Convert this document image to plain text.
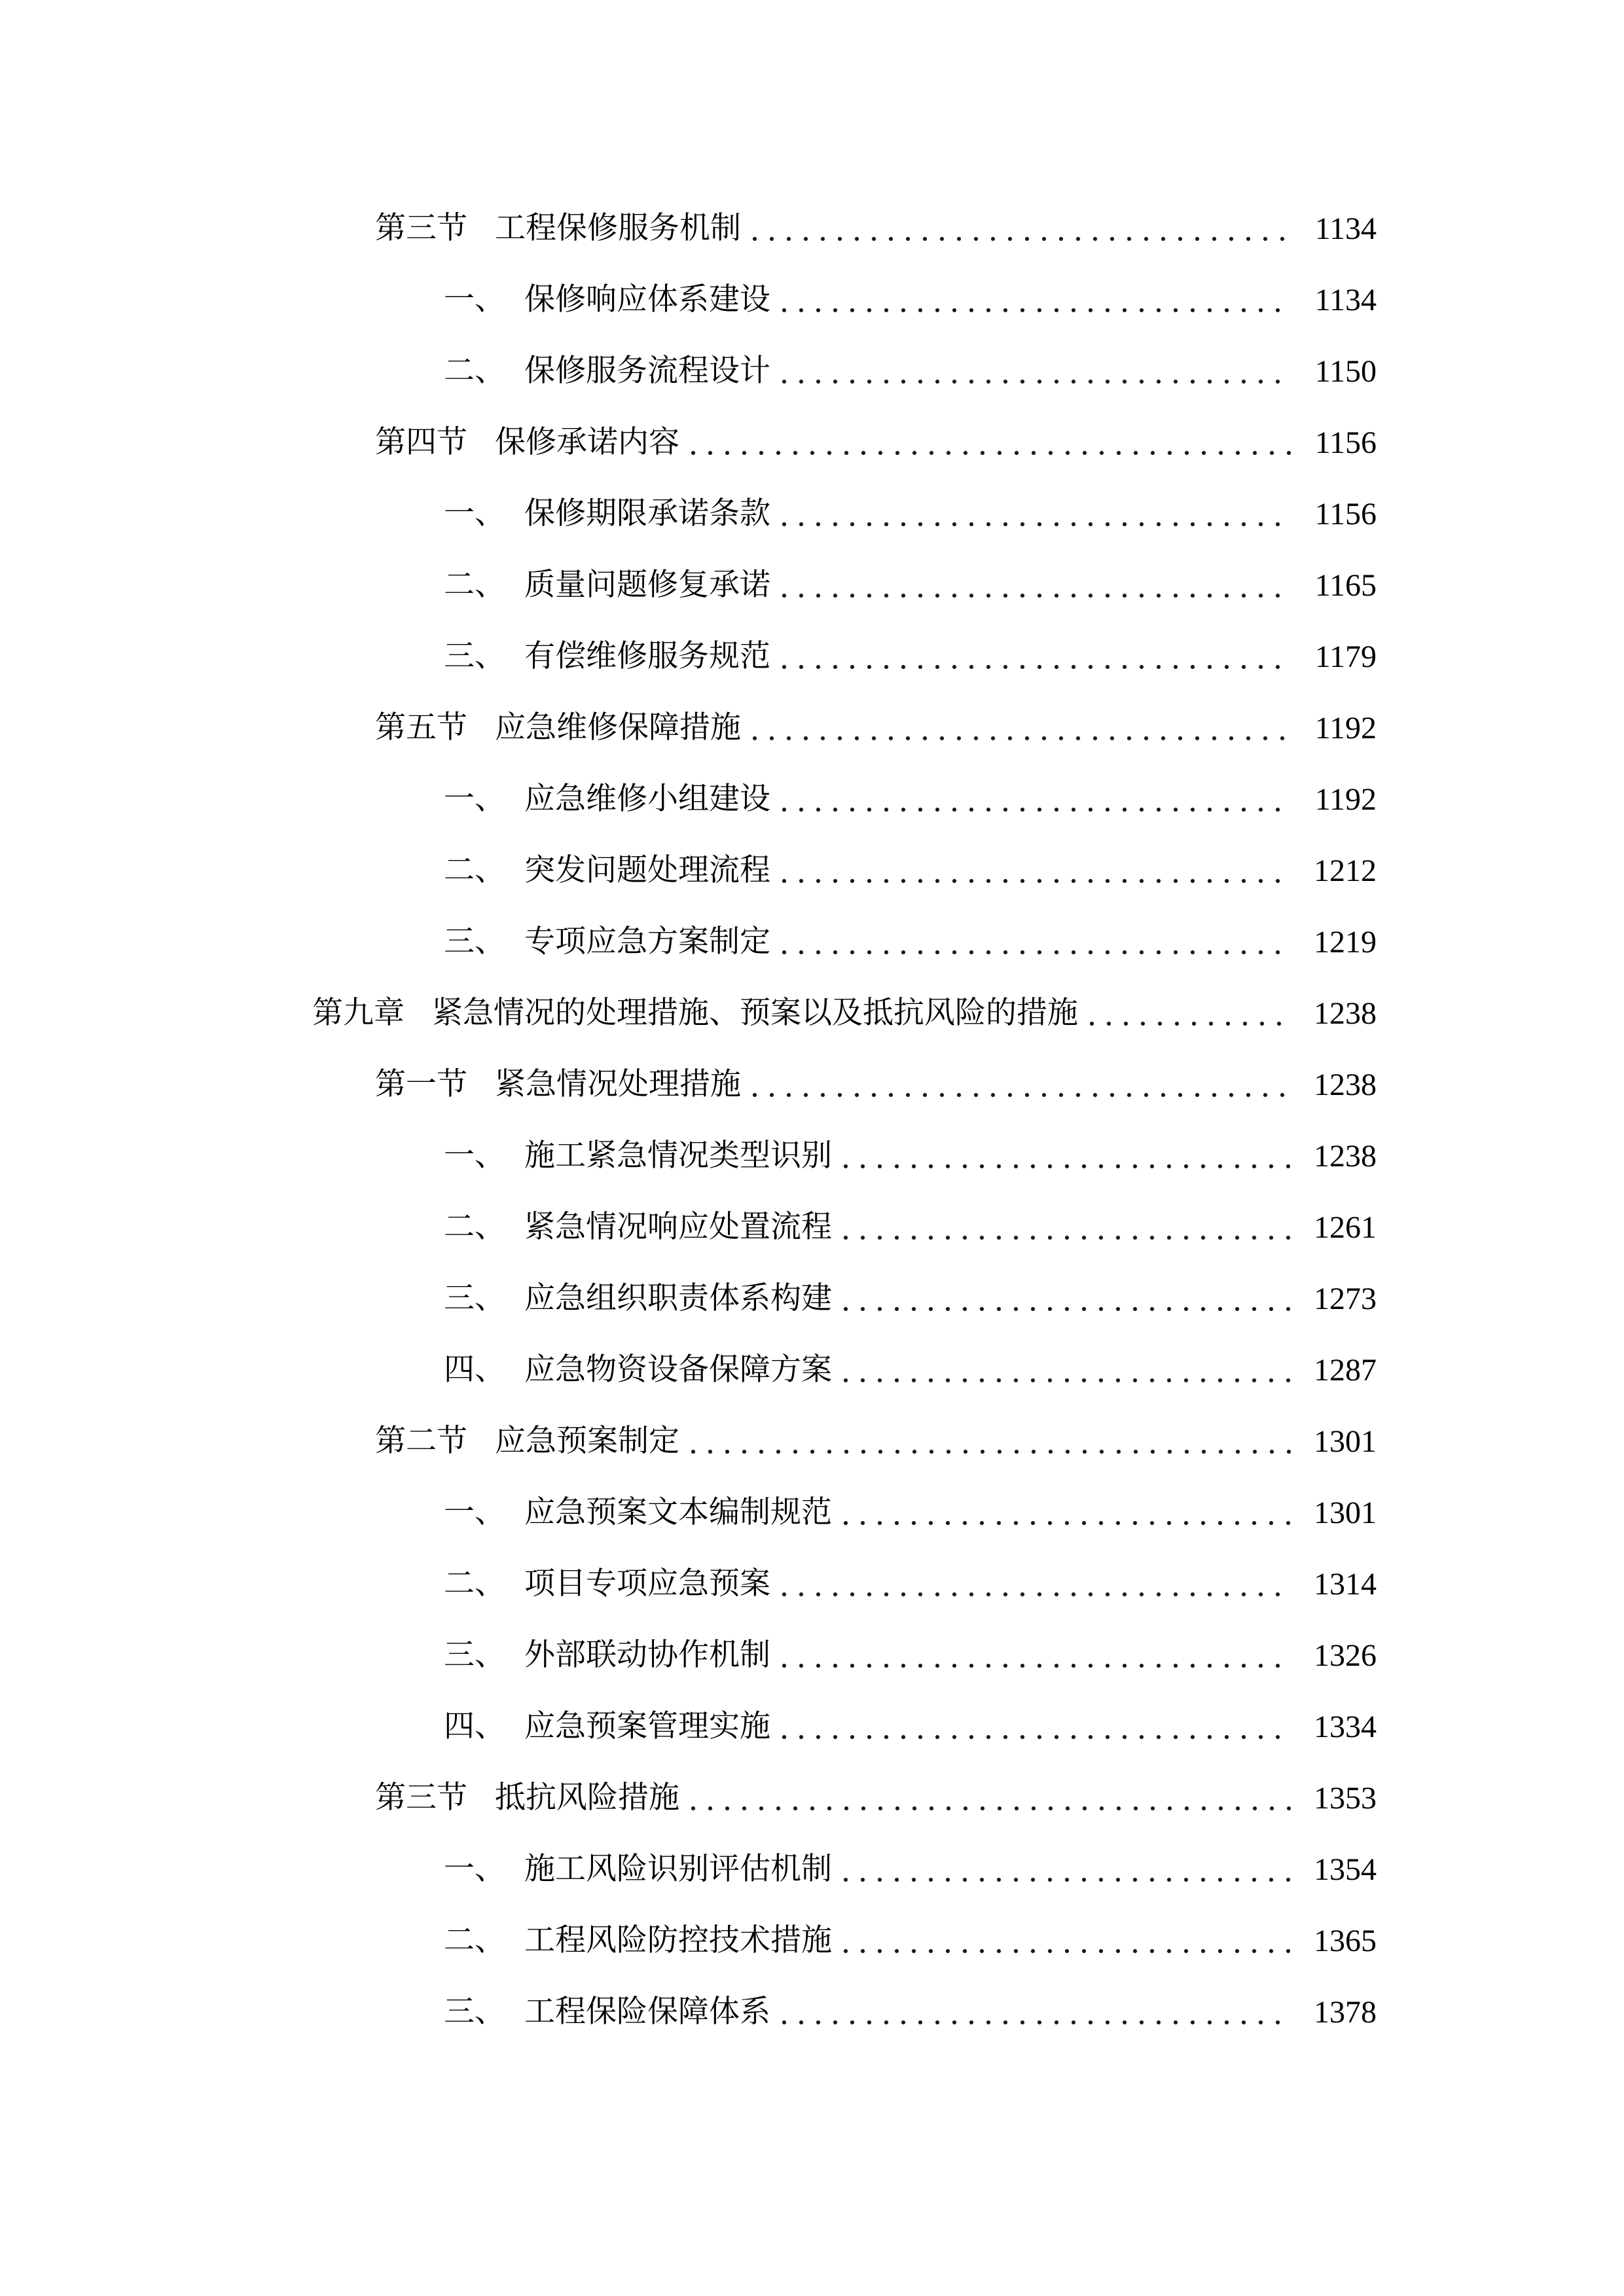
第三节 工程保修服务机制	1134
一、 保修响应体系建设	1134
二、 保修服务流程设计	1150
第四节 保修承诺内容	1156
一、 保修期限承诺条款	1156
二、 质量问题修复承诺	1165
三、 有偿维修服务规范	1179
第五节 应急维修保障措施	1192
一、 应急维修小组建设	1192
二、 突发问题处理流程	1212
三、 专项应急方案制定	1219
第九章 紧急情况的处理措施、预案以及抵抗风险的措施	1238
第一节 紧急情况处理措施	1238
一、 施工紧急情况类型识别	1238
二、 紧急情况响应处置流程	1261
三、 应急组织职责体系构建	1273
四、 应急物资设备保障方案	1287
第二节 应急预案制定	1301
一、 应急预案文本编制规范	1301
二、 项目专项应急预案	1314
三、 外部联动协作机制	1326
四、 应急预案管理实施	1334
第三节 抵抗风险措施	1353
一、 施工风险识别评估机制	1354
二、 工程风险防控技术措施	1365
三、 工程保险保障体系	1378
